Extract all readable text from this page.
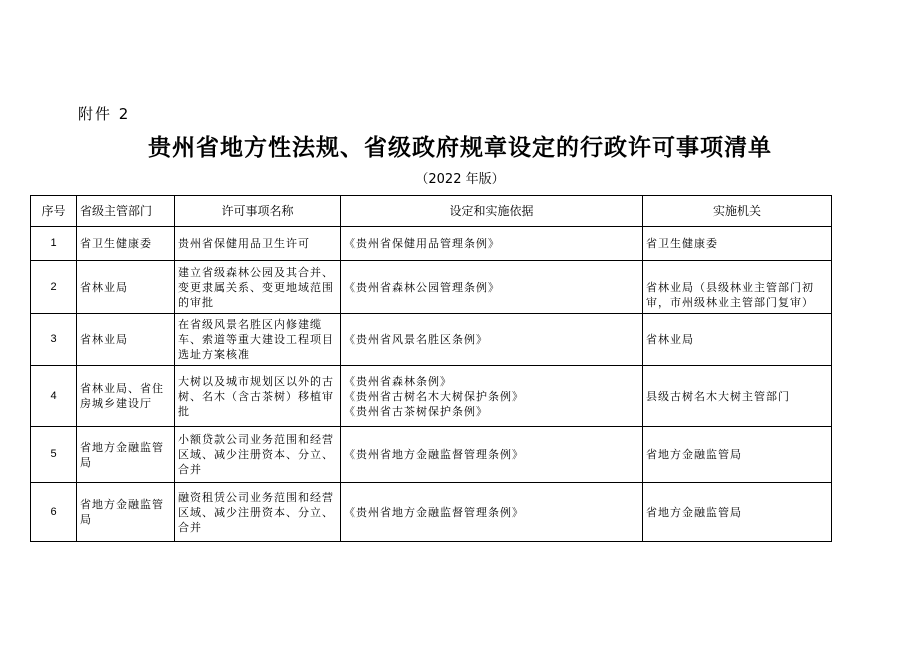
附件 2
贵州省地方性法规、省级政府规章设定的行政许可事项清单
（2022 年版）
序号	省级主管部门	许可事项名称	设定和实施依据	实施机关
1	省卫生健康委	贵州省保健用品卫生许可	《贵州省保健用品管理条例》	省卫生健康委
2	省林业局	建立省级森林公园及其合并、变更隶属关系、变更地域范围的审批	《贵州省森林公园管理条例》	省林业局（县级林业主管部门初审，市州级林业主管部门复审）
3	省林业局	在省级风景名胜区内修建缆车、索道等重大建设工程项目选址方案核准	《贵州省风景名胜区条例》	省林业局
4	省林业局、省住房城乡建设厅	大树以及城市规划区以外的古树、名木（含古茶树）移植审批	《贵州省森林条例》
《贵州省古树名木大树保护条例》
《贵州省古茶树保护条例》	县级古树名木大树主管部门
5	省地方金融监管局	小额贷款公司业务范围和经营区域、减少注册资本、分立、合并	《贵州省地方金融监督管理条例》	省地方金融监管局
6	省地方金融监管局	融资租赁公司业务范围和经营区域、减少注册资本、分立、合并	《贵州省地方金融监督管理条例》	省地方金融监管局
